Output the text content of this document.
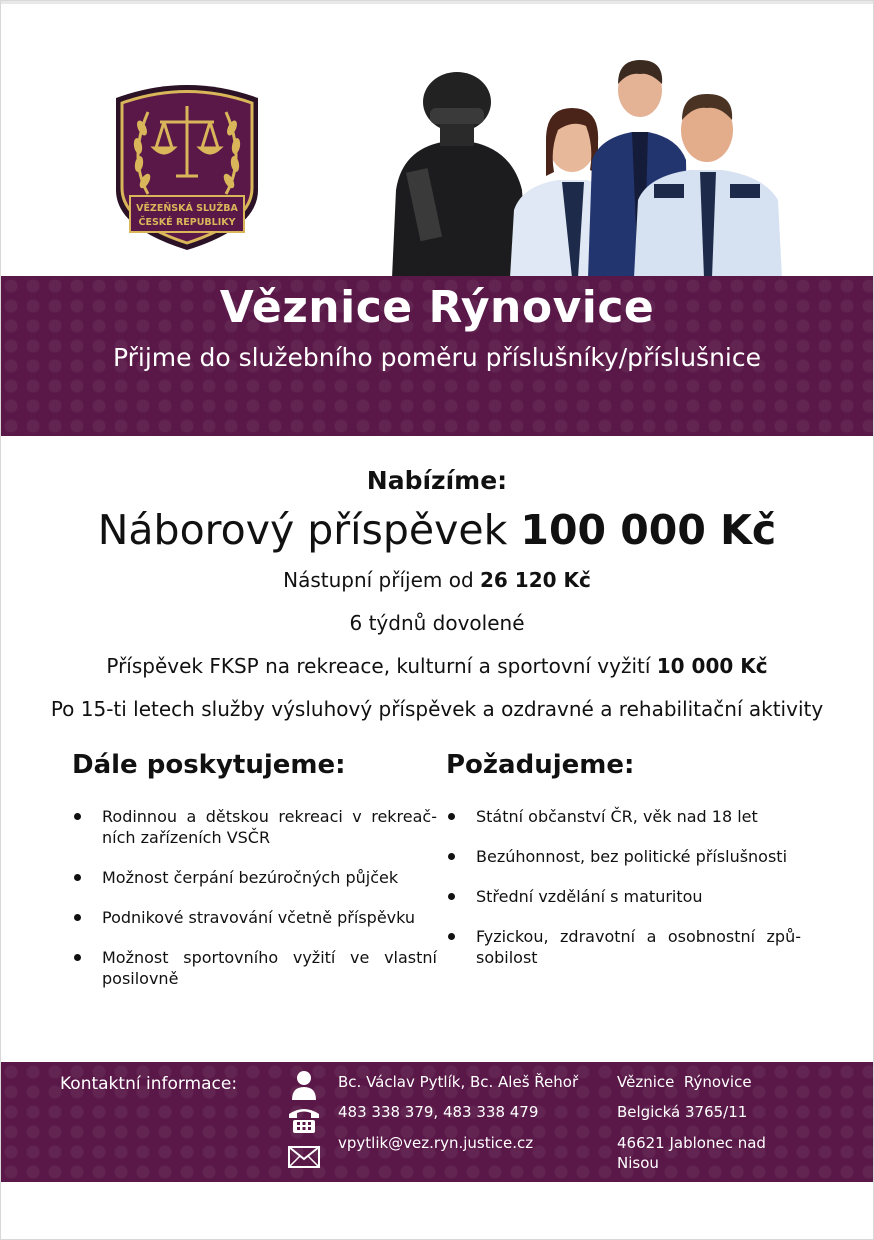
VĚZEŇSKÁ SLUŽBA
ČESKÉ REPUBLIKY
Věznice Rýnovice
Přijme do služebního poměru příslušníky/příslušnice
Nabízíme:
Náborový příspěvek 100 000 Kč
Nástupní příjem od 26 120 Kč
6 týdnů dovolené
Příspěvek FKSP na rekreace, kulturní a sportovní vyžití 10 000 Kč
Po 15-ti letech služby výsluhový příspěvek a ozdravné a rehabilitační aktivity
Dále poskytujeme:
Rodinnou a dětskou rekreaci v rekreač-ních zařízeních VSČR
Možnost čerpání bezúročných půjček
Podnikové stravování včetně příspěvku
Možnost sportovního vyžití ve vlastní posilovně
Požadujeme:
Státní občanství ČR, věk nad 18 let
Bezúhonnost, bez politické příslušnosti
Střední vzdělání s maturitou
Fyzickou, zdravotní a osobnostní způ-sobilost
Kontaktní informace:	Bc. Václav Pytlík, Bc. Aleš Řehoř
483 338 379, 483 338 479
vpytlik@vez.ryn.justice.cz
Věznice  Rýnovice
Belgická 3765/11
46621 Jablonec nad Nisou
